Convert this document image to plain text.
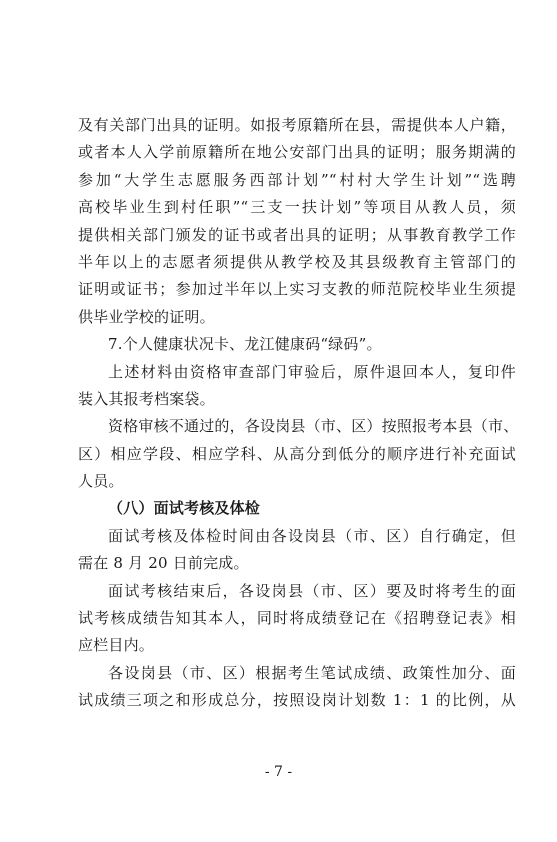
及有关部门出具的证明。如报考原籍所在县，需提供本人户籍，
或者本人入学前原籍所在地公安部门出具的证明；服务期满的
参加“大学生志愿服务西部计划”“村村大学生计划”“选聘
高校毕业生到村任职”“三支一扶计划”等项目从教人员，须
提供相关部门颁发的证书或者出具的证明；从事教育教学工作
半年以上的志愿者须提供从教学校及其县级教育主管部门的
证明或证书；参加过半年以上实习支教的师范院校毕业生须提
供毕业学校的证明。
7.个人健康状况卡、龙江健康码“绿码”。
上述材料由资格审查部门审验后，原件退回本人，复印件
装入其报考档案袋。
资格审核不通过的，各设岗县（市、区）按照报考本县（市、
区）相应学段、相应学科、从高分到低分的顺序进行补充面试
人员。
（八）面试考核及体检
面试考核及体检时间由各设岗县（市、区）自行确定，但
需在 8 月 20 日前完成。
面试考核结束后，各设岗县（市、区）要及时将考生的面
试考核成绩告知其本人，同时将成绩登记在《招聘登记表》相
应栏目内。
各设岗县（市、区）根据考生笔试成绩、政策性加分、面
试成绩三项之和形成总分，按照设岗计划数 1：1 的比例，从
- 7 -
